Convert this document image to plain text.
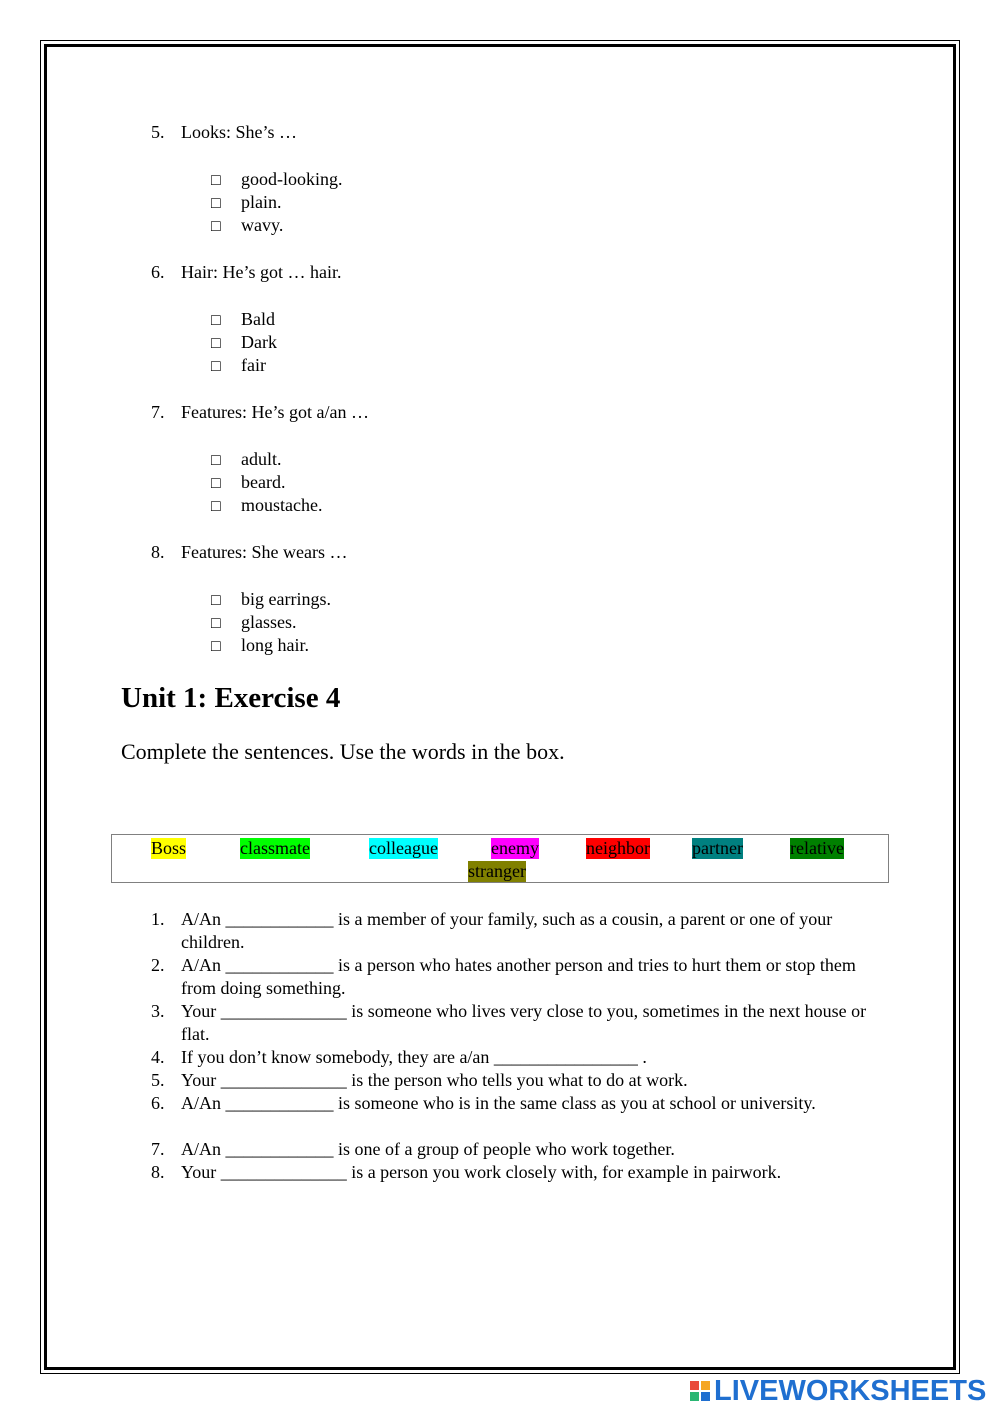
5. Looks: She’s …
□ good-looking.
□ plain.
□ wavy.
6. Hair: He’s got … hair.
□ Bald
□ Dark
□ fair
7. Features: He’s got a/an …
□ adult.
□ beard.
□ moustache.
8. Features: She wears …
□ big earrings.
□ glasses.
□ long hair.
Unit 1: Exercise 4
Complete the sentences. Use the words in the box.
Boss	classmate	colleague	enemy	neighbor partner	relative
stranger
1. A/An ____________ is a member of your family, such as a cousin, a parent or one of your children.
2. A/An ____________ is a person who hates another person and tries to hurt them or stop them from doing something.
3. Your ______________ is someone who lives very close to you, sometimes in the next house or flat.
4. If you don’t know somebody, they are a/an ________________ .
5. Your ______________ is the person who tells you what to do at work.
6. A/An ____________ is someone who is in the same class as you at school or university.
7. A/An ____________ is one of a group of people who work together.
8. Your ______________ is a person you work closely with, for example in pairwork.
LIVEWORKSHEETS
